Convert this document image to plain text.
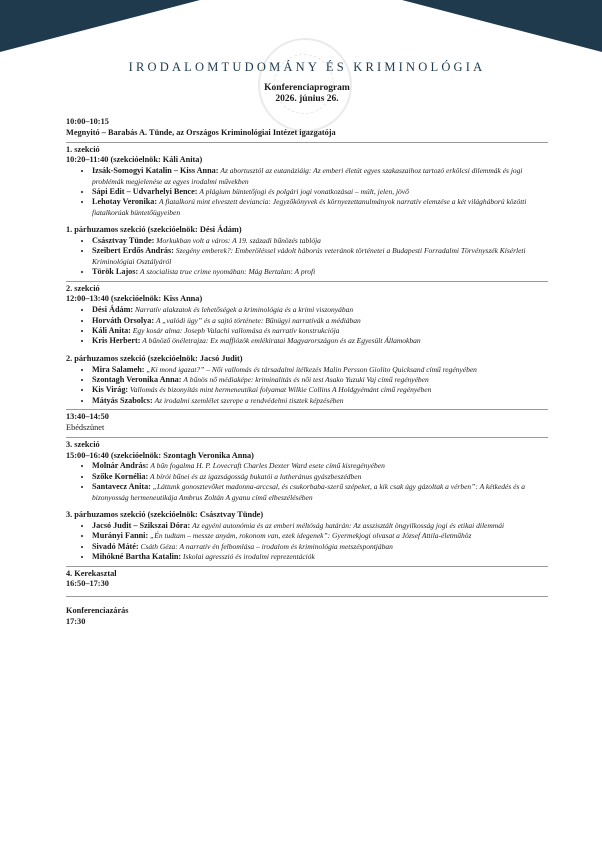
IRODALOMTUDOMÁNY ÉS KRIMINOLÓGIA
Konferenciaprogram
2026. június 26.
10:00–10:15
Megnyitó – Barabás A. Tünde, az Országos Kriminológiai Intézet igazgatója
1. szekció
10:20–11:40 (szekcióelnök: Káli Anita)
• Izsák-Somogyi Katalin – Kiss Anna: Az abortusztól az eutanáziáig: Az emberi életút egyes szakaszaihoz tartozó erkölcsi dilemmák és jogi problémák megjelenése az egyes irodalmi művekben
• Sápi Edit – Udvarhelyi Bence: A plágium büntetőjogi és polgári jogi vonatkozásai – múlt, jelen, jövő
• Lehotay Veronika: A fiatalkorú mint elveszett deviancia: Jegyzőkönyvek és környezettanulmányok narratív elemzése a két világháború közötti fiatalkorúak büntetőügyeiben
1. párhuzamos szekció (szekcióelnök: Dési Ádám)
• Császtvay Tünde: Morkukban volt a város: A 19. századi bűnözés tablója
• Szeibert Erdős András: Szegény emberek?: Emberöléssel vádolt háborús veteránok történetei a Budapesti Forradalmi Törvényszék Kísérleti Kriminológiai Osztályáról
• Török Lajos: A szocialista true crime nyomában: Mág Bertalan: A profi
2. szekció
12:00–13:40 (szekcióelnök: Kiss Anna)
• Dési Ádám: Narratív alakzatok és lehetőségek a kriminológia és a krimi viszonyában
• Horváth Orsolya: A „valódi ügy” és a sajtó története: Bűnügyi narratívák a médiában
• Káli Anita: Egy kosár alma: Joseph Valachi vallomása és narratív konstrukciója
• Kris Herbert: A bűnöző önéletrajza: Ex maffiózók emlékiratai Magyarországon és az Egyesült Államokban
2. párhuzamos szekció (szekcióelnök: Jacsó Judit)
• Mira Salameh: „Ki mond igazat?” – Női vallomás és társadalmi ítélkezés Malin Persson Giolito Quicksand című regényében
• Szontagh Veronika Anna: A bűnös nő médiaképe: kriminalitás és női test Asako Yuzuki Vaj című regényében
• Kis Virág: Vallomás és bizonyítás mint hermeneutikai folyamat Wilkie Collins A Holdgyémánt című regényében
• Mátyás Szabolcs: Az irodalmi szemlélet szerepe a rendvédelmi tisztek képzésében
13:40–14:50
Ebédszünet
3. szekció
15:00–16:40 (szekcióelnök: Szontagh Veronika Anna)
• Molnár András: A bűn fogalma H. P. Lovecraft Charles Dexter Ward esete című kisregényében
• Szőke Kornélia: A bírói bűnei és az igazságosság bukatói a lutheránus gyászbeszédben
• Santavecz Anita: „Láttunk gonosztevőket madonna-arccsal, és csukorbaba-szerű szépeket, a kik csak úgy gázoltak a vérben”: A kétkedés és a bizonyosság hermeneutikája Ambrus Zoltán A gyanu című elbeszélésében
3. párhuzamos szekció (szekcióelnök: Császtvay Tünde)
• Jacsó Judit – Szikszai Dóra: Az egyéni autonómia és az emberi méltóság határán: Az asszisztált öngyilkosság jogi és etikai dilemmái
• Murányi Fanni: „Én tudtam – messze anyám, rokonom van, ezek idegenek”: Gyermekjogi olvasat a József Attila-életműhöz
• Sivadó Máté: Csáth Géza: A narratív én felbomlása – irodalom és kriminológia metszéspontjában
• Mihókné Bartha Katalin: Iskolai agresszió és irodalmi reprezentációk
4. Kerekasztal
16:50–17:30
Konferenciazárás
17:30
